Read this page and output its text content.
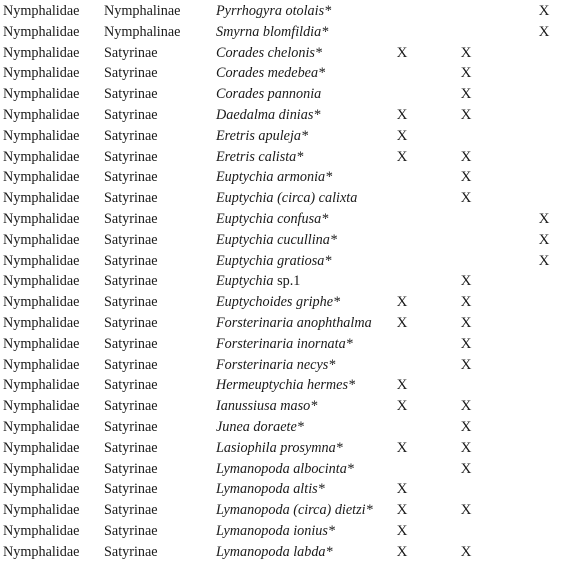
Nymphalidae	Nymphalinae	Pyrrhogyra otolais*					X
Nymphalidae	Nymphalinae	Smyrna blomfildia*					X
Nymphalidae	Satyrinae	Corades chelonis*	X		X		
Nymphalidae	Satyrinae	Corades medebea*			X		
Nymphalidae	Satyrinae	Corades pannonia			X		
Nymphalidae	Satyrinae	Daedalma dinias*	X		X		
Nymphalidae	Satyrinae	Eretris apuleja*	X				
Nymphalidae	Satyrinae	Eretris calista*	X		X		
Nymphalidae	Satyrinae	Euptychia armonia*			X		
Nymphalidae	Satyrinae	Euptychia (circa) calixta			X		
Nymphalidae	Satyrinae	Euptychia confusa*					X
Nymphalidae	Satyrinae	Euptychia cucullina*					X
Nymphalidae	Satyrinae	Euptychia gratiosa*					X
Nymphalidae	Satyrinae	Euptychia sp.1			X		
Nymphalidae	Satyrinae	Euptychoides griphe*	X		X		
Nymphalidae	Satyrinae	Forsterinaria anophthalma	X		X		
Nymphalidae	Satyrinae	Forsterinaria inornata*			X		
Nymphalidae	Satyrinae	Forsterinaria necys*			X		
Nymphalidae	Satyrinae	Hermeuptychia hermes*	X				
Nymphalidae	Satyrinae	Ianussiusa maso*	X		X		
Nymphalidae	Satyrinae	Junea doraete*			X		
Nymphalidae	Satyrinae	Lasiophila prosymna*	X		X		
Nymphalidae	Satyrinae	Lymanopoda albocinta*			X		
Nymphalidae	Satyrinae	Lymanopoda altis*	X				
Nymphalidae	Satyrinae	Lymanopoda (circa) dietzi*	X		X		
Nymphalidae	Satyrinae	Lymanopoda ionius*	X				
Nymphalidae	Satyrinae	Lymanopoda labda*	X		X		
